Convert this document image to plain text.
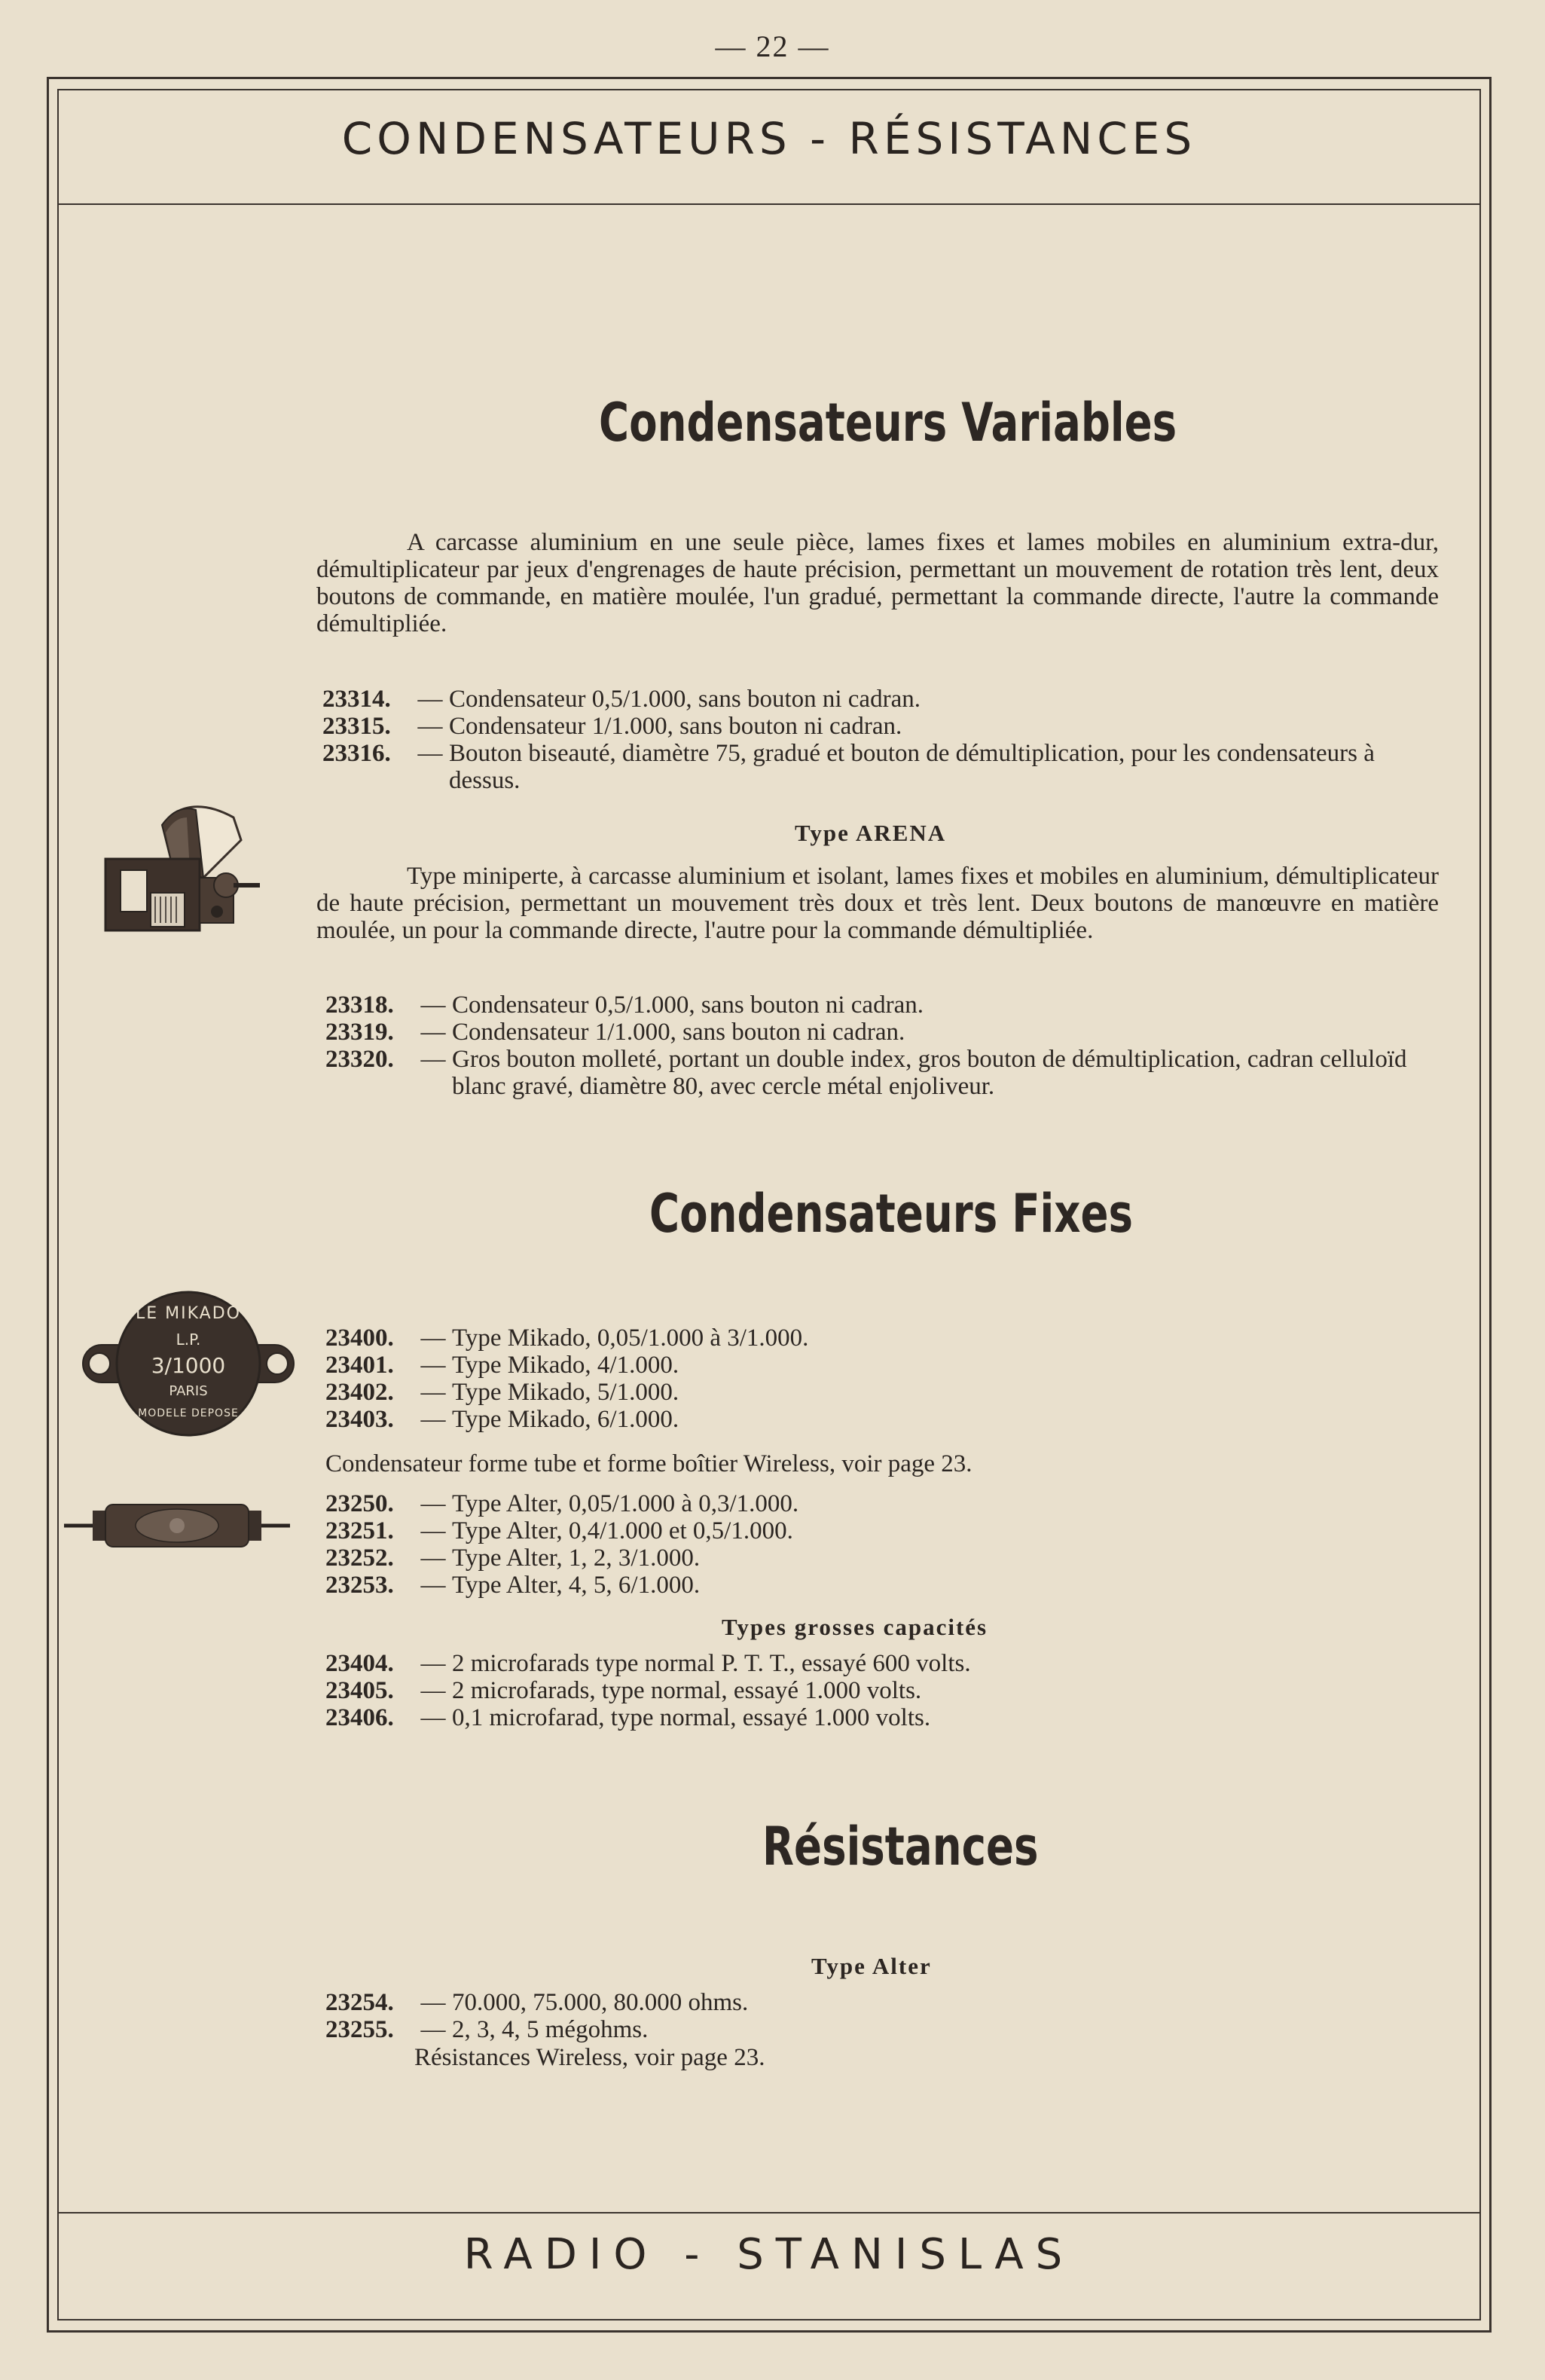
— 22 —
CONDENSATEURS - RÉSISTANCES
Condensateurs Variables
A carcasse aluminium en une seule pièce, lames fixes et lames mobiles en aluminium extra-dur, démultiplicateur par jeux d'engrenages de haute précision, permettant un mouvement de rotation très lent, deux boutons de commande, en matière moulée, l'un gradué, permettant la commande directe, l'autre la commande démultipliée.
23314.	— Condensateur 0,5/1.000, sans bouton ni cadran.
23315.	— Condensateur 1/1.000, sans bouton ni cadran.
23316.	— Bouton biseauté, diamètre 75, gradué et bouton de démultiplication, pour les condensateurs à dessus.
Type ARENA
Type miniperte, à carcasse aluminium et isolant, lames fixes et mobiles en aluminium, démultiplicateur de haute précision, permettant un mouvement très doux et très lent. Deux boutons de manœuvre en matière moulée, un pour la commande directe, l'autre pour la commande démultipliée.
23318.	— Condensateur 0,5/1.000, sans bouton ni cadran.
23319.	— Condensateur 1/1.000, sans bouton ni cadran.
23320.	— Gros bouton molleté, portant un double index, gros bouton de démultiplication, cadran celluloïd blanc gravé, diamètre 80, avec cercle métal enjoliveur.
Condensateurs Fixes
LE MIKADO
L.P.
3/1000
PARIS
MODELE DEPOSE
23400.	— Type Mikado, 0,05/1.000 à 3/1.000.
23401.	— Type Mikado, 4/1.000.
23402.	— Type Mikado, 5/1.000.
23403.	— Type Mikado, 6/1.000.
Condensateur forme tube et forme boîtier Wireless, voir page 23.
23250.	— Type Alter, 0,05/1.000 à 0,3/1.000.
23251.	— Type Alter, 0,4/1.000 et 0,5/1.000.
23252.	— Type Alter, 1, 2, 3/1.000.
23253.	— Type Alter, 4, 5, 6/1.000.
Types grosses capacités
23404.	— 2 microfarads type normal P. T. T., essayé 600 volts.
23405.	— 2 microfarads, type normal, essayé 1.000 volts.
23406.	— 0,1 microfarad, type normal, essayé 1.000 volts.
Résistances
Type Alter
23254.	— 70.000, 75.000, 80.000 ohms.
23255.	— 2, 3, 4, 5 mégohms.
Résistances Wireless, voir page 23.
RADIO - STANISLAS
